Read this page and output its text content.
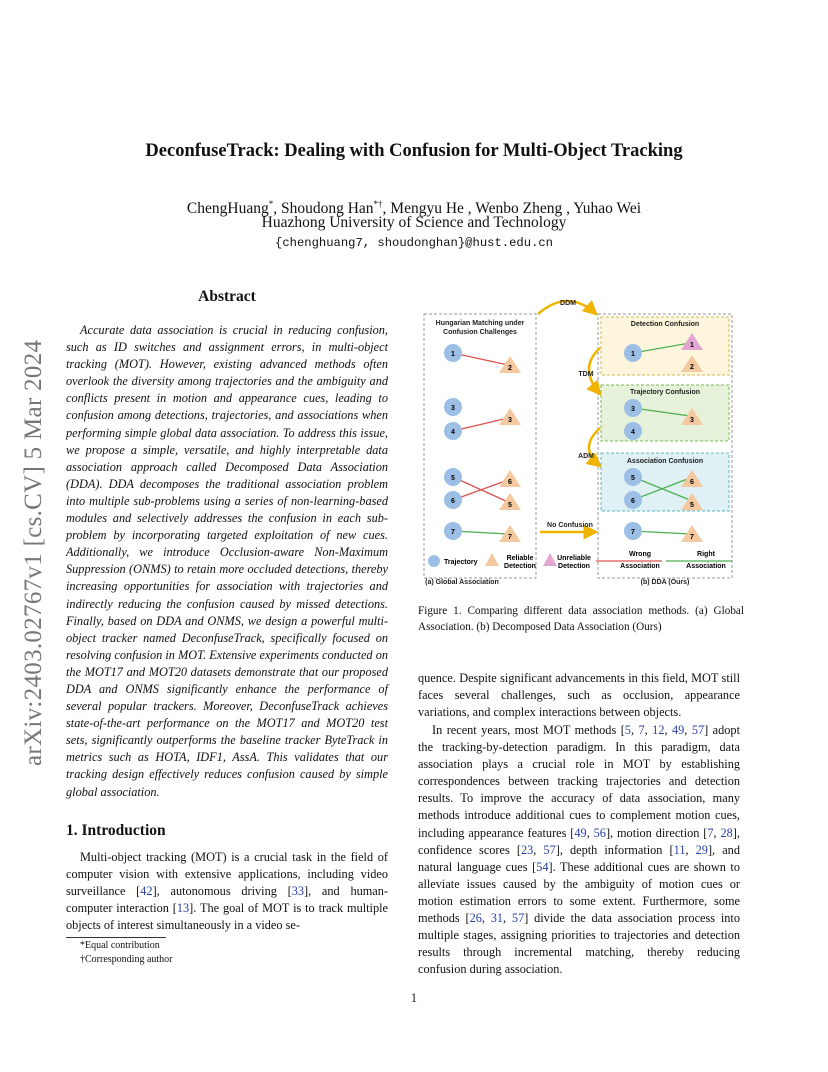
arXiv:2403.02767v1 [cs.CV] 5 Mar 2024
DeconfuseTrack: Dealing with Confusion for Multi-Object Tracking
ChengHuang*, Shoudong Han*†, Mengyu He , Wenbo Zheng , Yuhao Wei
Huazhong University of Science and Technology
{chenghuang7, shoudonghan}@hust.edu.cn
Abstract
Accurate data association is crucial in reducing confusion, such as ID switches and assignment errors, in multi-object tracking (MOT). However, existing advanced methods often overlook the diversity among trajectories and the ambiguity and conflicts present in motion and appearance cues, leading to confusion among detections, trajectories, and associations when performing simple global data association. To address this issue, we propose a simple, versatile, and highly interpretable data association approach called Decomposed Data Association (DDA). DDA decomposes the traditional association problem into multiple sub-problems using a series of non-learning-based modules and selectively addresses the confusion in each sub-problem by incorporating targeted exploitation of new cues. Additionally, we introduce Occlusion-aware Non-Maximum Suppression (ONMS) to retain more occluded detections, thereby increasing opportunities for association with trajectories and indirectly reducing the confusion caused by missed detections. Finally, based on DDA and ONMS, we design a powerful multi-object tracker named DeconfuseTrack, specifically focused on resolving confusion in MOT. Extensive experiments conducted on the MOT17 and MOT20 datasets demonstrate that our proposed DDA and ONMS significantly enhance the performance of several popular trackers. Moreover, DeconfuseTrack achieves state-of-the-art performance on the MOT17 and MOT20 test sets, significantly outperforms the baseline tracker ByteTrack in metrics such as HOTA, IDF1, AssA. This validates that our tracking design effectively reduces confusion caused by simple global association.
1. Introduction
Multi-object tracking (MOT) is a crucial task in the field of computer vision with extensive applications, including video surveillance [42], autonomous driving [33], and human-computer interaction [13]. The goal of MOT is to track multiple objects of interest simultaneously in a video se-
*Equal contribution
†Corresponding author
Hungarian Matching under
Confusion Challenges
Detection Confusion
Trajectory Confusion
Association Confusion
DDM
TDM
ADM
No Confusion
1
3
4
5
6
7
2
3
6
5
7
1
3
4
5
6
7
1
2
3
6
5
7
Trajectory
Reliable
Detection
Unreliable
Detection
Wrong
Association
Right
Association
(a) Global Association	(b) DDA (Ours)
Figure 1. Comparing different data association methods. (a) Global Association. (b) Decomposed Data Association (Ours)
quence. Despite significant advancements in this field, MOT still faces several challenges, such as occlusion, appearance variations, and complex interactions between objects.
In recent years, most MOT methods [5, 7, 12, 49, 57] adopt the tracking-by-detection paradigm. In this paradigm, data association plays a crucial role in MOT by establishing correspondences between tracking trajectories and detection results. To improve the accuracy of data association, many methods introduce additional cues to complement motion cues, including appearance features [49, 56], motion direction [7, 28], confidence scores [23, 57], depth information [11, 29], and natural language cues [54]. These additional cues are shown to alleviate issues caused by the ambiguity of motion cues or motion estimation errors to some extent. Furthermore, some methods [26, 31, 57] divide the data association process into multiple stages, assigning priorities to trajectories and detection results through incremental matching, thereby reducing confusion during association.
1
